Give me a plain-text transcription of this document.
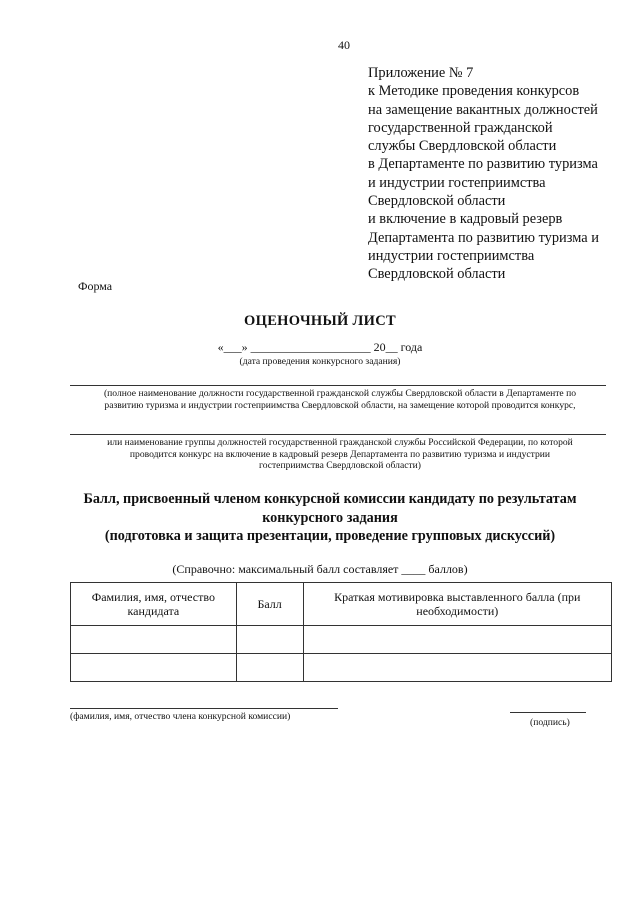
40
Приложение № 7
к Методике проведения конкурсов
на замещение вакантных должностей
государственной гражданской
службы Свердловской области
в Департаменте по развитию туризма
и индустрии гостеприимства
Свердловской области
и включение в кадровый резерв
Департамента по развитию туризма и
индустрии гостеприимства
Свердловской области
Форма
ОЦЕНОЧНЫЙ ЛИСТ
«___» ____________________ 20__ года
(дата проведения конкурсного задания)
(полное наименование должности государственной гражданской службы Свердловской области в Департаменте по
развитию туризма и индустрии гостеприимства Свердловской области, на замещение которой проводится конкурс,
или наименование группы должностей государственной гражданской службы Российской Федерации, по которой
проводится конкурс на включение в кадровый резерв Департамента по развитию туризма и индустрии
гостеприимства Свердловской области)
Балл, присвоенный членом конкурсной комиссии кандидату по результатам
конкурсного задания
(подготовка и защита презентации, проведение групповых дискуссий)
(Справочно: максимальный балл составляет ____ баллов)
Фамилия, имя, отчество кандидата	Балл	Краткая мотивировка выставленного балла (при необходимости)

(фамилия, имя, отчество члена конкурсной комиссии)
(подпись)
